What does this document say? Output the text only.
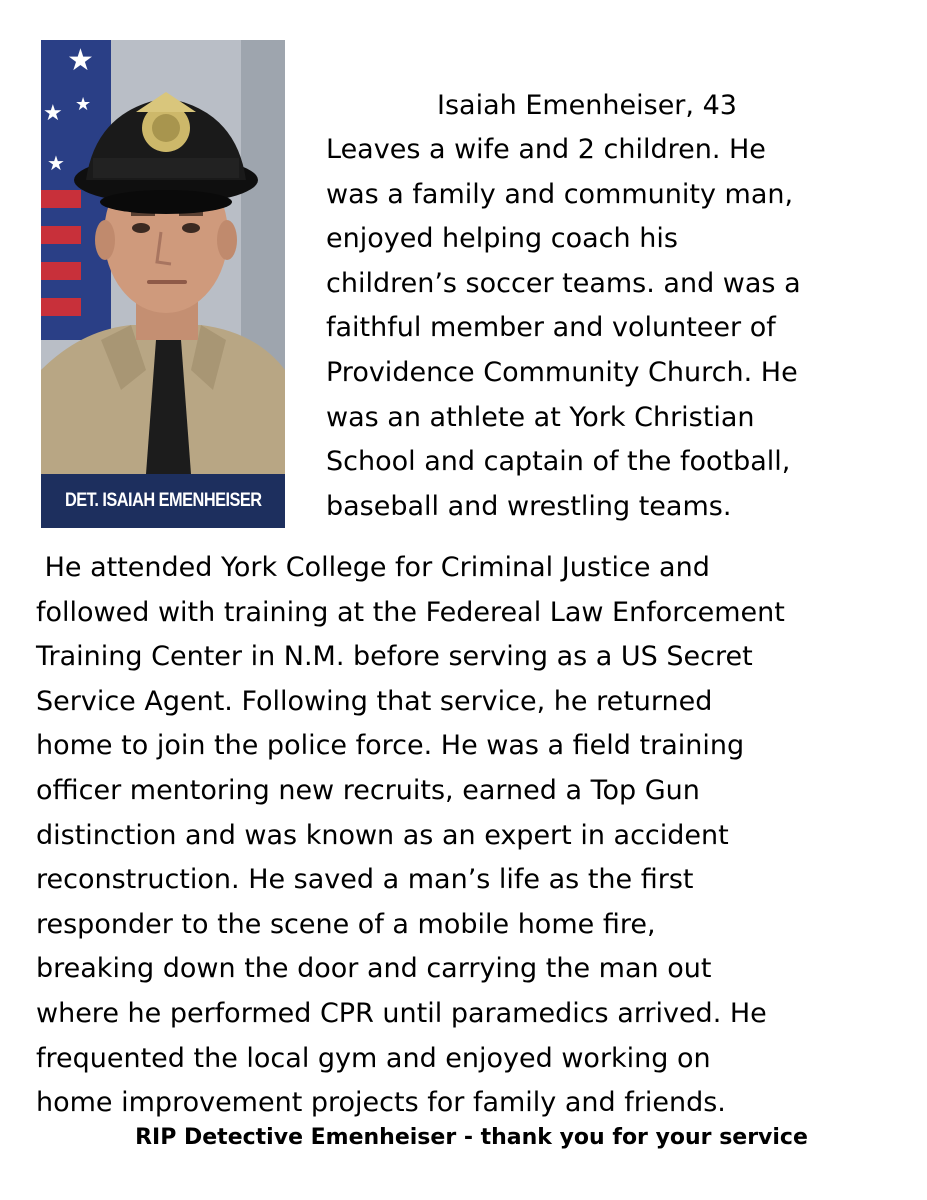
★
★ ★
★
DET. ISAIAH EMENHEISER
Isaiah Emenheiser, 43
Leaves a wife and 2 children. He
was a family and community man,
enjoyed helping coach his
children’s soccer teams. and was a
faithful member and volunteer of
Providence Community Church. He
was an athlete at York Christian
School and captain of the football,
baseball and wrestling teams.
He attended York College for Criminal Justice and
followed with training at the Federeal Law Enforcement
Training Center in N.M. before serving as a US Secret
Service Agent. Following that service, he returned
home to join the police force. He was a field training
officer mentoring new recruits, earned a Top Gun
distinction and was known as an expert in accident
reconstruction. He saved a man’s life as the first
responder to the scene of a mobile home fire,
breaking down the door and carrying the man out
where he performed CPR until paramedics arrived. He
frequented the local gym and enjoyed working on
home improvement projects for family and friends.
RIP Detective Emenheiser - thank you for your service
